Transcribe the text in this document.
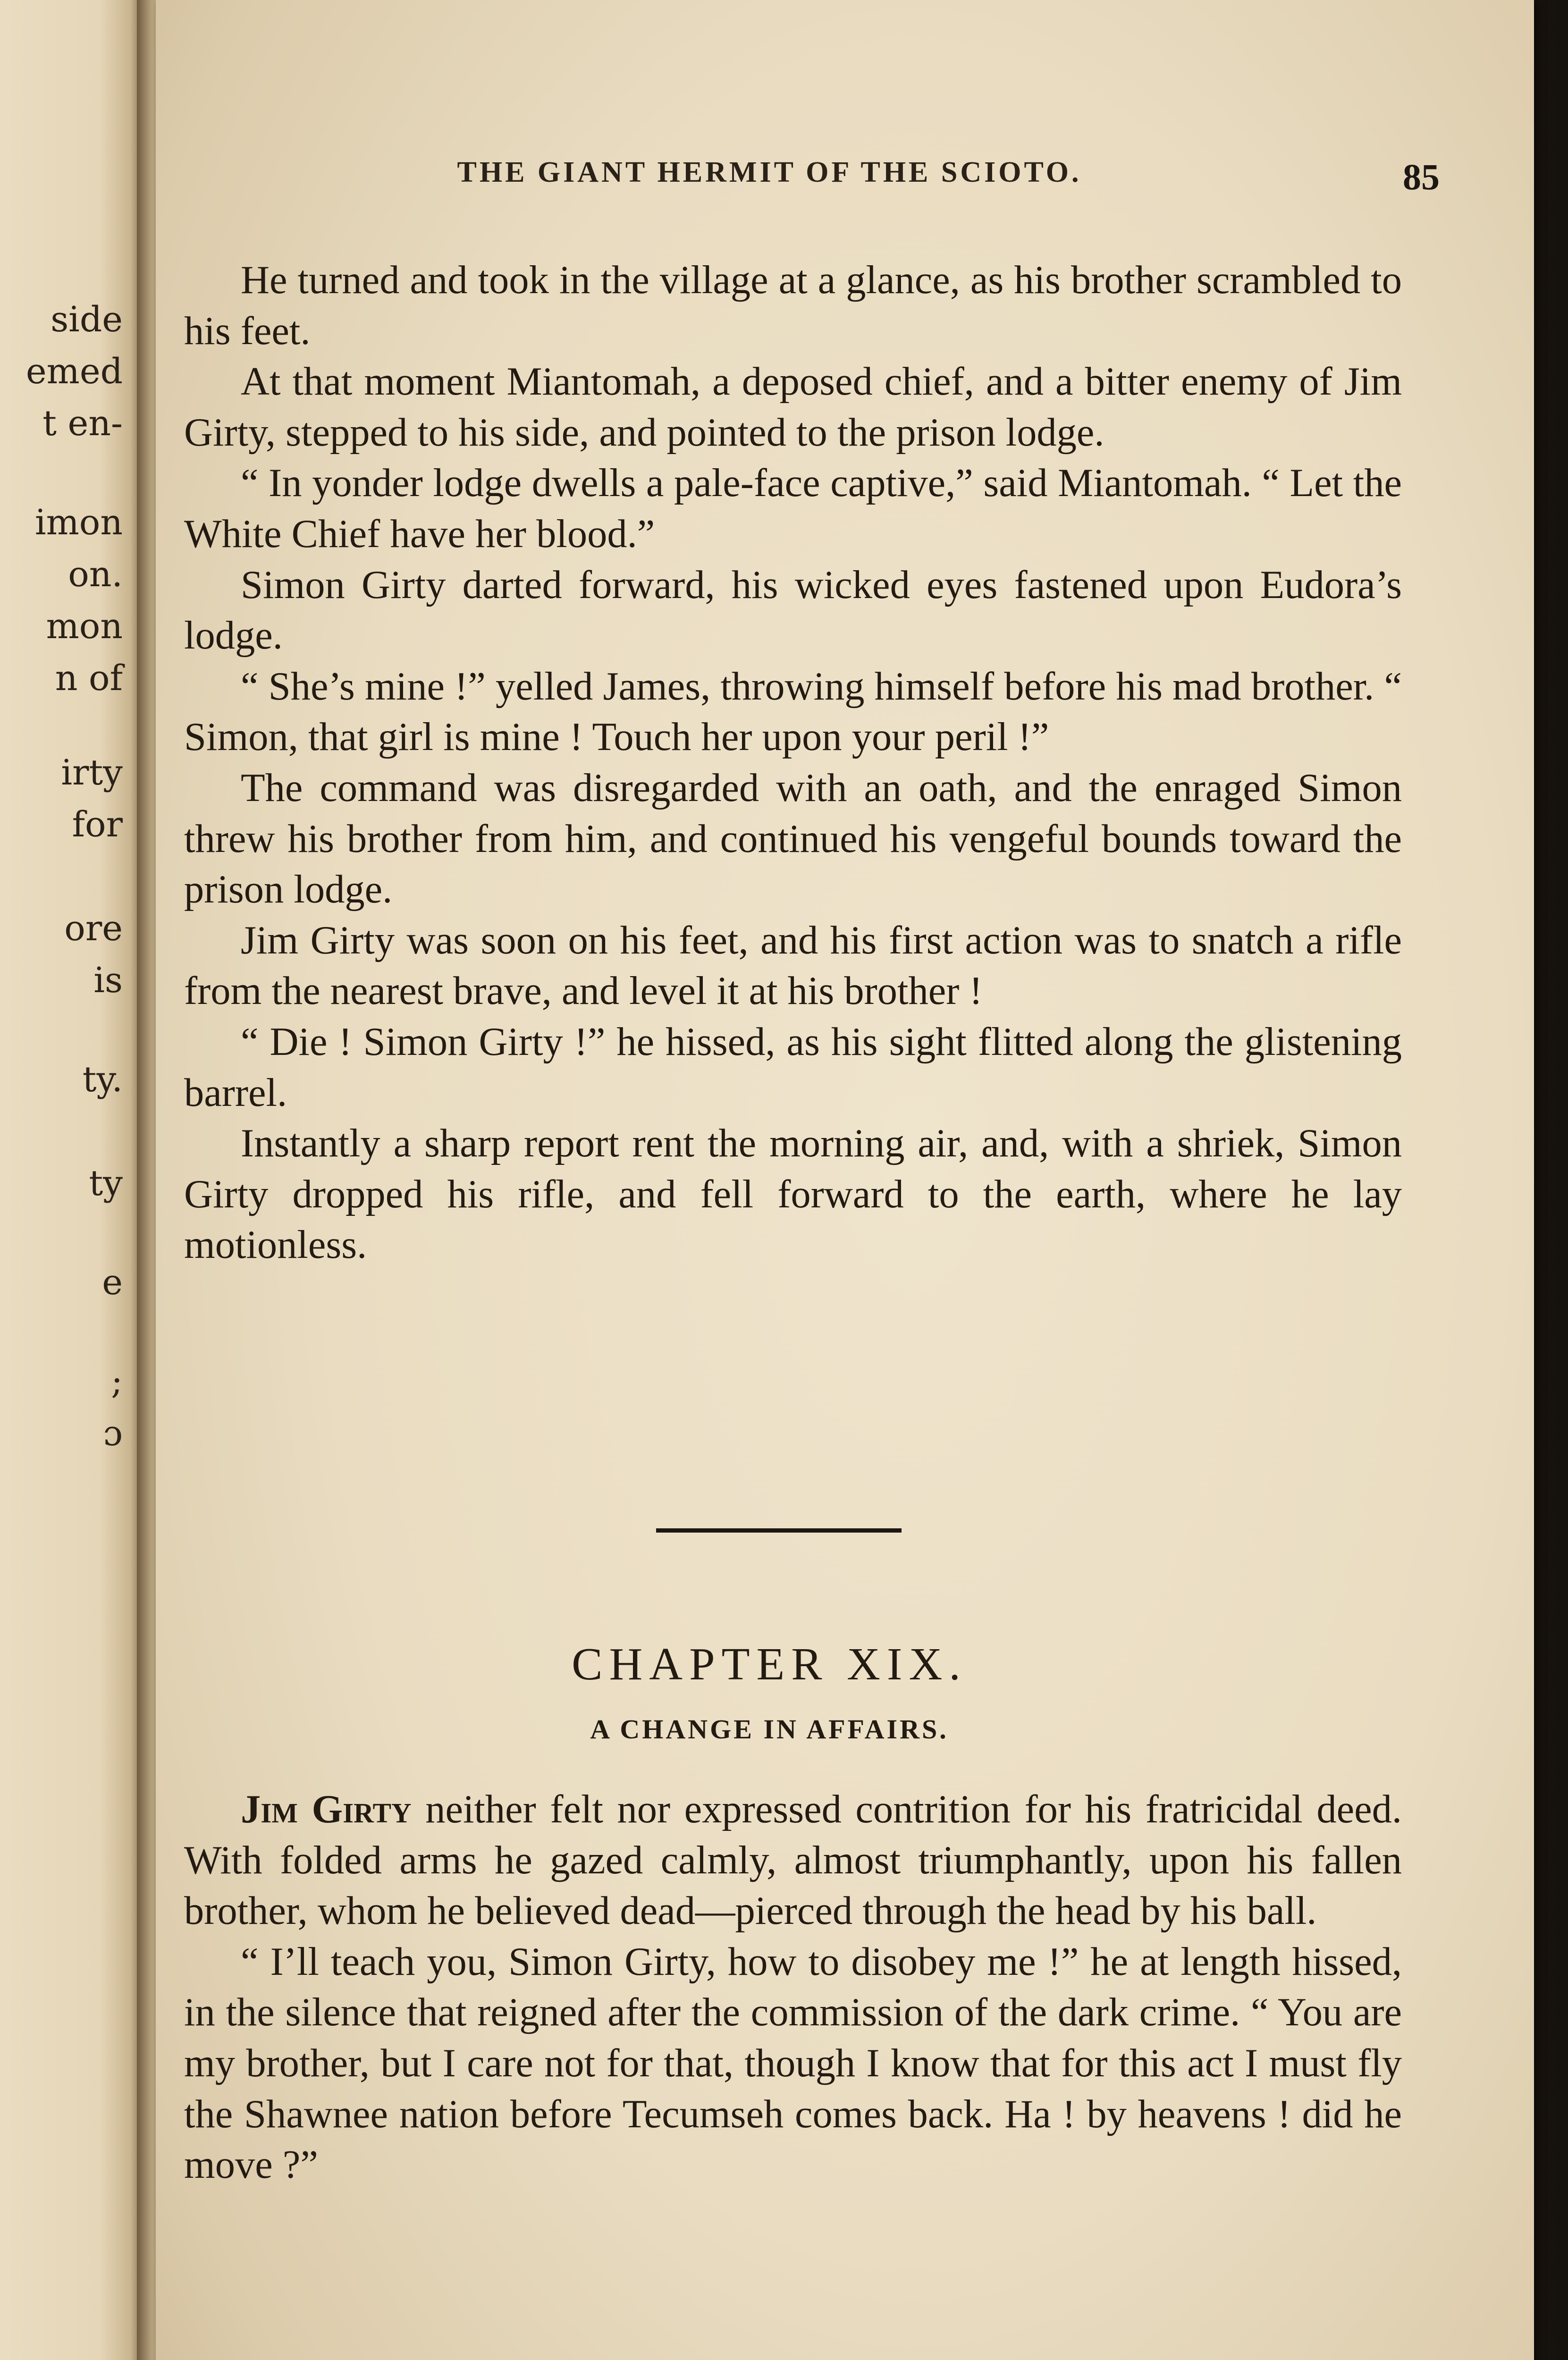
side
emed
t en-
imon
on.
mon
n of
irty
for
ore
is
ty.
ty
e
;
ɔ
THE GIANT HERMIT OF THE SCIOTO.	85

He turned and took in the village at a glance, as his brother scrambled to his feet.

At that moment Miantomah, a deposed chief, and a bitter enemy of Jim Girty, stepped to his side, and pointed to the prison lodge.

“ In yonder lodge dwells a pale-face captive,” said Miantomah. “ Let the White Chief have her blood.”

Simon Girty darted forward, his wicked eyes fastened upon Eudora’s lodge.

“ She’s mine !” yelled James, throwing himself before his mad brother. “ Simon, that girl is mine ! Touch her upon your peril !”

The command was disregarded with an oath, and the enraged Simon threw his brother from him, and continued his vengeful bounds toward the prison lodge.

Jim Girty was soon on his feet, and his first action was to snatch a rifle from the nearest brave, and level it at his brother !

“ Die ! Simon Girty !” he hissed, as his sight flitted along the glistening barrel.

Instantly a sharp report rent the morning air, and, with a shriek, Simon Girty dropped his rifle, and fell forward to the earth, where he lay motionless.

CHAPTER XIX.
A CHANGE IN AFFAIRS.

Jim Girty neither felt nor expressed contrition for his fratricidal deed. With folded arms he gazed calmly, almost triumphantly, upon his fallen brother, whom he believed dead—pierced through the head by his ball.

“ I’ll teach you, Simon Girty, how to disobey me !” he at length hissed, in the silence that reigned after the commission of the dark crime. “ You are my brother, but I care not for that, though I know that for this act I must fly the Shawnee nation before Tecumseh comes back. Ha ! by heavens ! did he move ?”
